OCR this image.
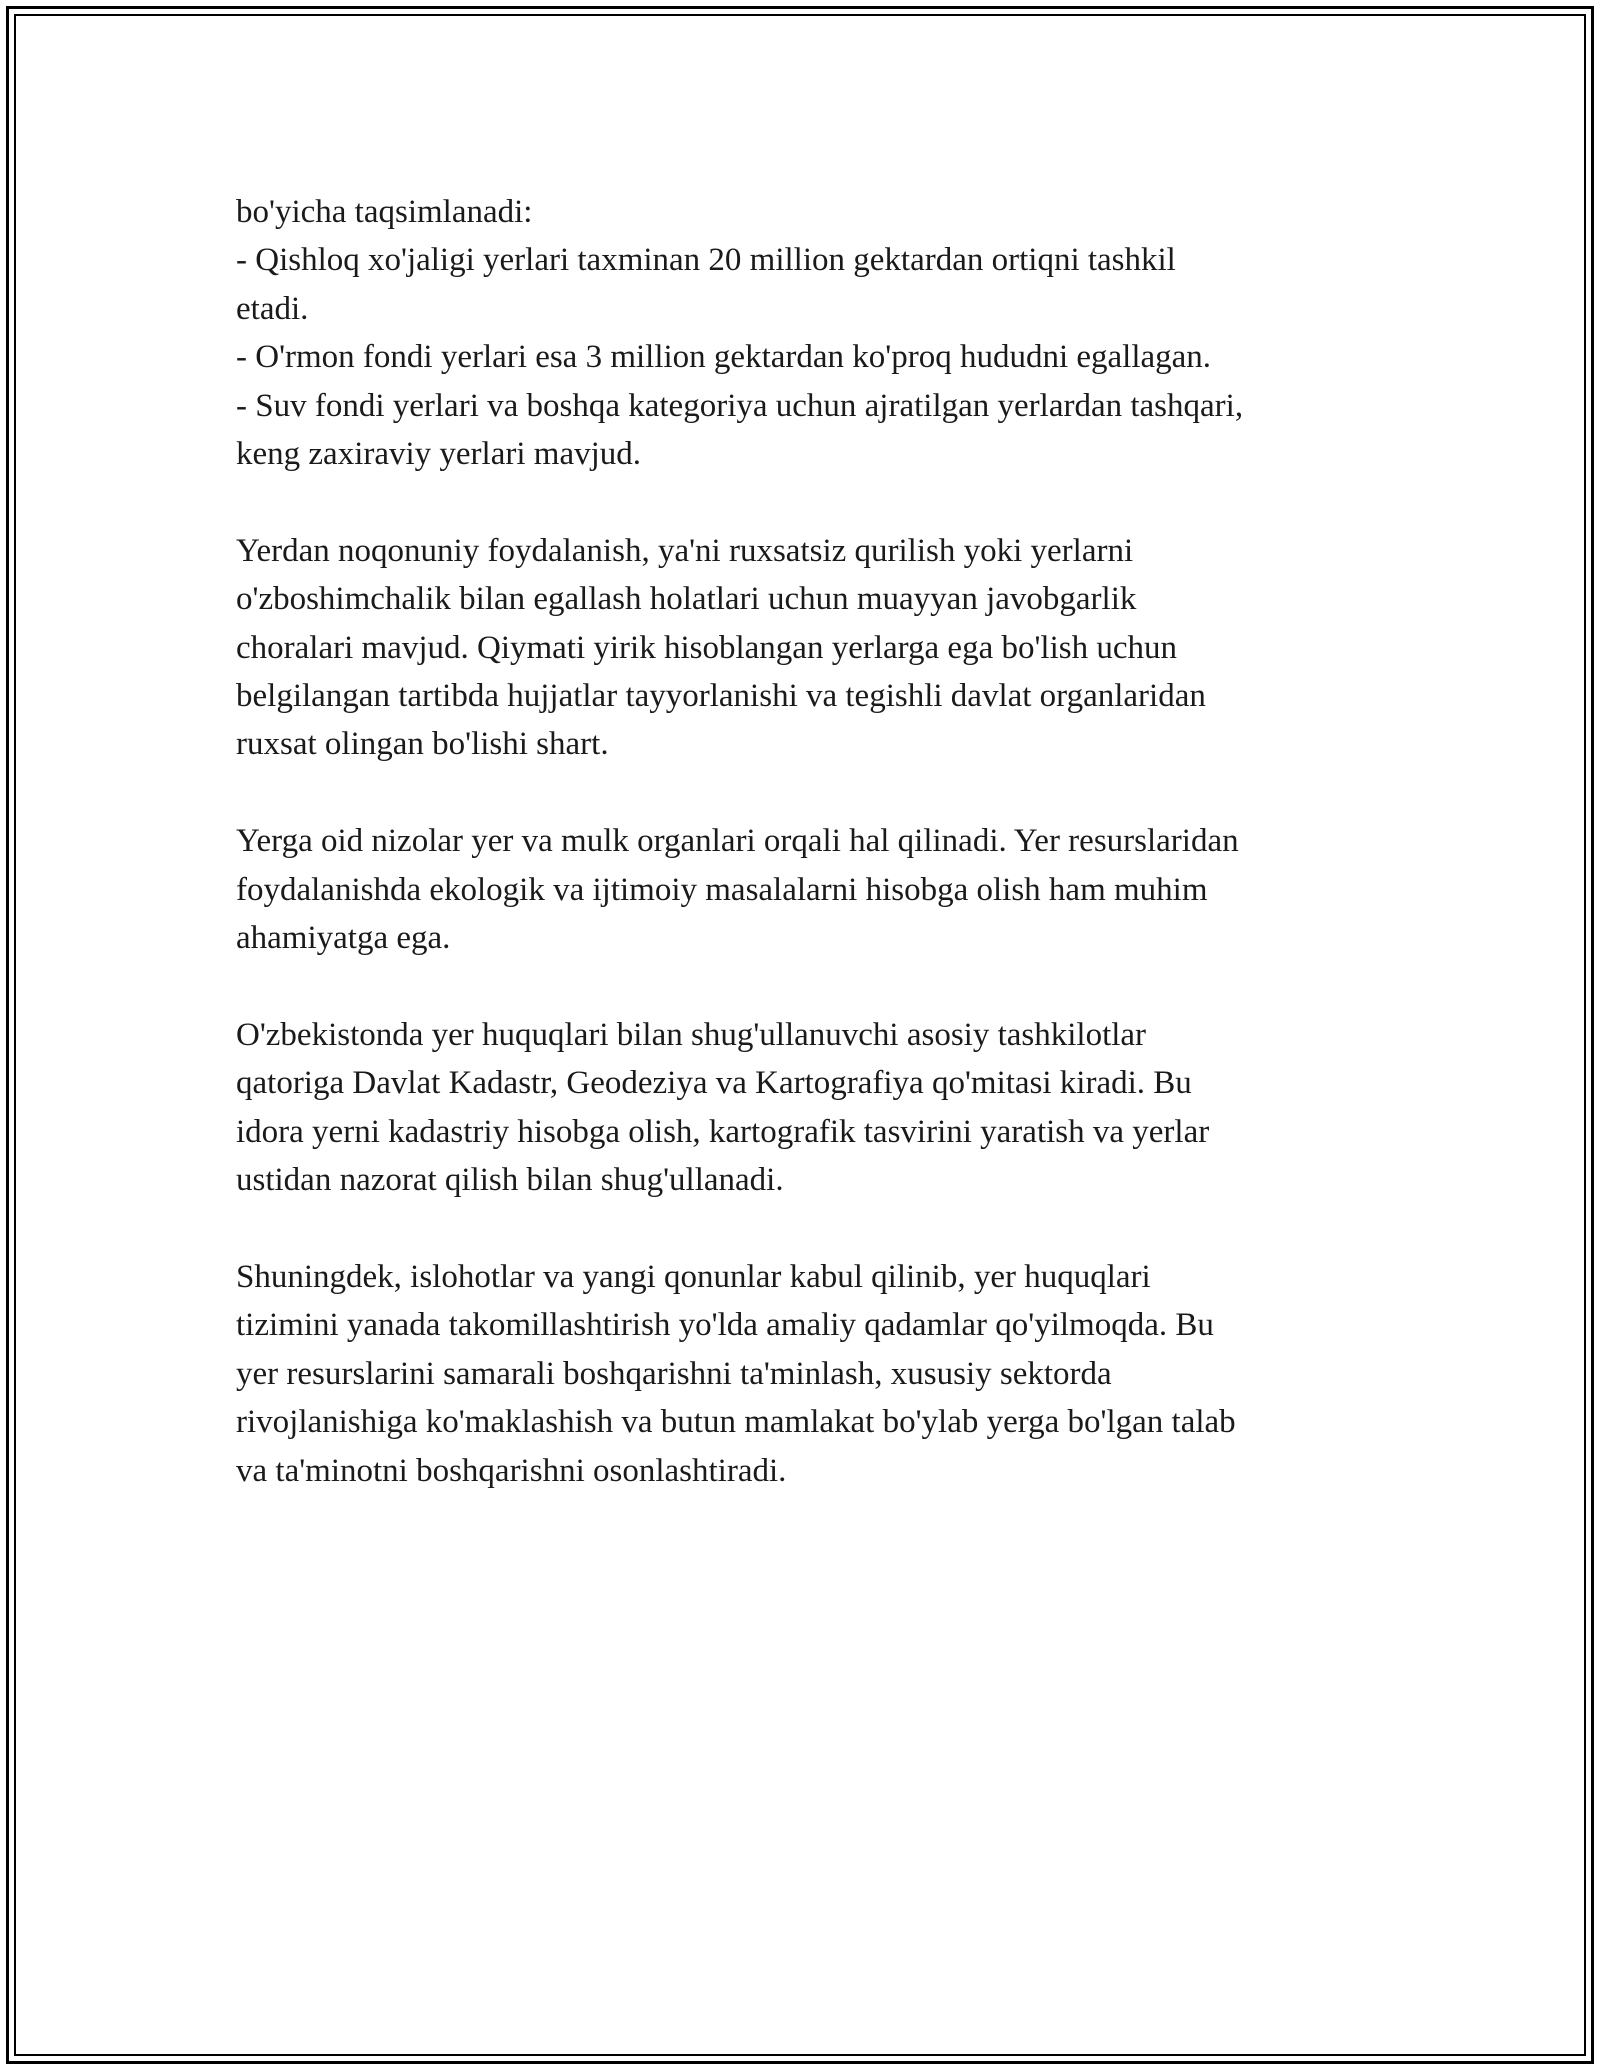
bo'yicha taqsimlanadi:
- Qishloq xo'jaligi yerlari taxminan 20 million gektardan ortiqni tashkil
etadi.
- O'rmon fondi yerlari esa 3 million gektardan ko'proq hududni egallagan.
- Suv fondi yerlari va boshqa kategoriya uchun ajratilgan yerlardan tashqari,
keng zaxiraviy yerlari mavjud.
Yerdan noqonuniy foydalanish, ya'ni ruxsatsiz qurilish yoki yerlarni
o'zboshimchalik bilan egallash holatlari uchun muayyan javobgarlik
choralari mavjud. Qiymati yirik hisoblangan yerlarga ega bo'lish uchun
belgilangan tartibda hujjatlar tayyorlanishi va tegishli davlat organlaridan
ruxsat olingan bo'lishi shart.
Yerga oid nizolar yer va mulk organlari orqali hal qilinadi. Yer resurslaridan
foydalanishda ekologik va ijtimoiy masalalarni hisobga olish ham muhim
ahamiyatga ega.
O'zbekistonda yer huquqlari bilan shug'ullanuvchi asosiy tashkilotlar
qatoriga Davlat Kadastr, Geodeziya va Kartografiya qo'mitasi kiradi. Bu
idora yerni kadastriy hisobga olish, kartografik tasvirini yaratish va yerlar
ustidan nazorat qilish bilan shug'ullanadi.
Shuningdek, islohotlar va yangi qonunlar kabul qilinib, yer huquqlari
tizimini yanada takomillashtirish yo'lda amaliy qadamlar qo'yilmoqda. Bu
yer resurslarini samarali boshqarishni ta'minlash, xususiy sektorda
rivojlanishiga ko'maklashish va butun mamlakat bo'ylab yerga bo'lgan talab
va ta'minotni boshqarishni osonlashtiradi.
